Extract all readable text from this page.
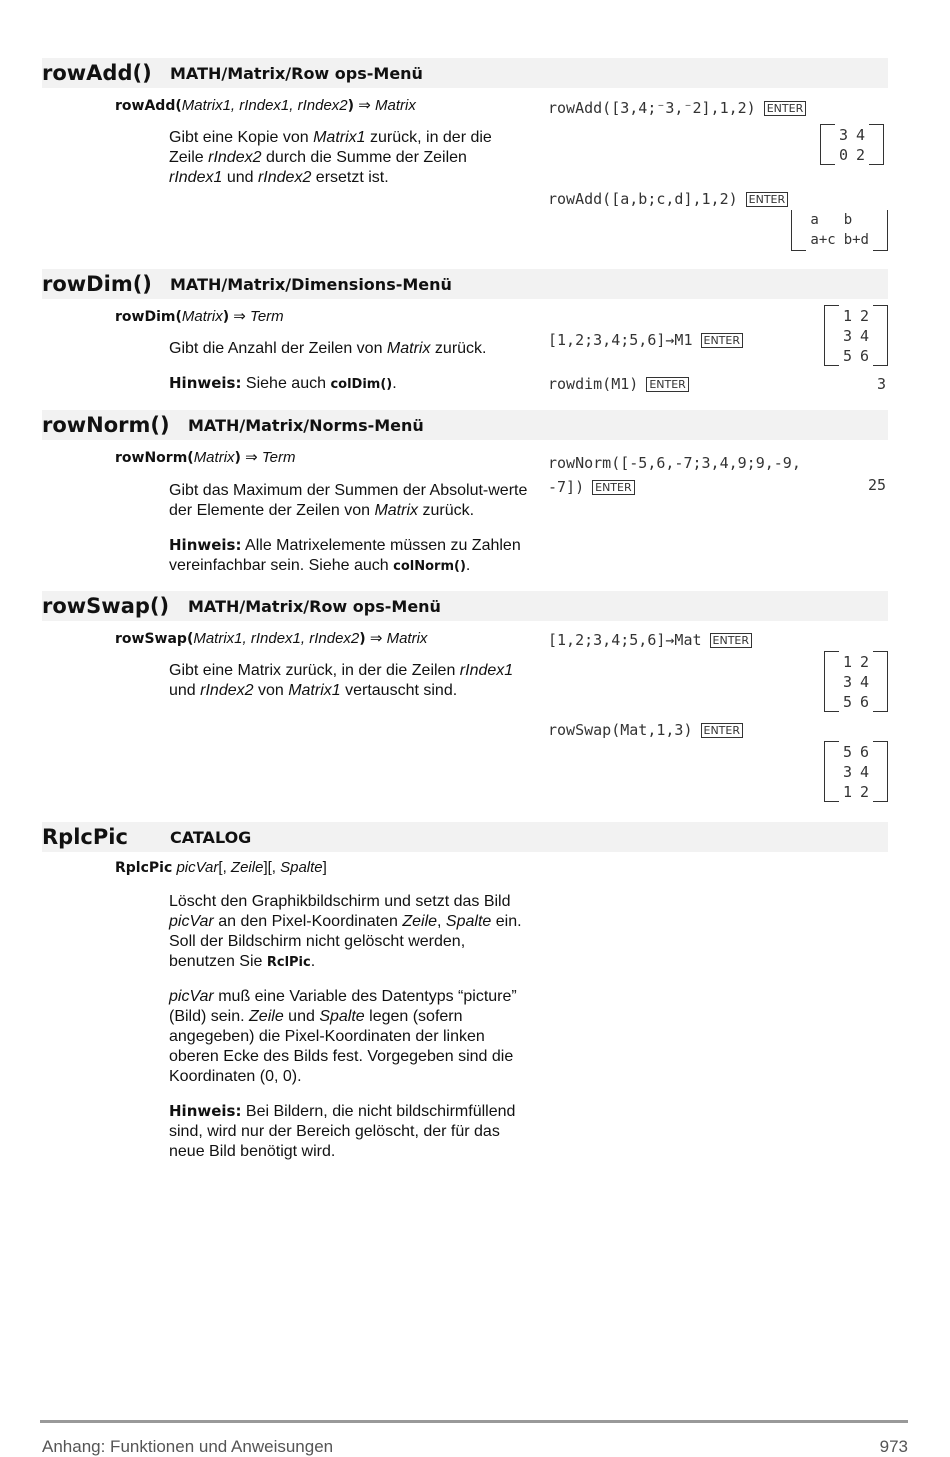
rowAdd() MATH/Matrix/Row ops-Menü
rowAdd(Matrix1, rIndex1, rIndex2) ⇒ Matrix

Gibt eine Kopie von Matrix1 zurück, in der die Zeile rIndex2 durch die Summe der Zeilen rIndex1 und rIndex2 ersetzt ist.

rowAdd([3,4;⁻3,⁻2],1,2) ENTER
	3	4	
	0	2	
rowAdd([a,b;c,d],1,2) ENTER
	a	b	
	a+c	b+d	
rowDim() MATH/Matrix/Dimensions-Menü
rowDim(Matrix) ⇒ Term

Gibt die Anzahl der Zeilen von Matrix zurück.

Hinweis: Siehe auch colDim().

	1	2	
	3	4	
	5	6	
[1,2;3,4;5,6]→M1 ENTER
rowdim(M1) ENTER	3
rowNorm() MATH/Matrix/Norms-Menü
rowNorm(Matrix) ⇒ Term

Gibt das Maximum der Summen der Absolut-werte der Elemente der Zeilen von Matrix zurück.

Hinweis: Alle Matrixelemente müssen zu Zahlen vereinfachbar sein. Siehe auch colNorm().

rowNorm([-5,6,-7;3,4,9;9,-9,
-7]) ENTER	25
rowSwap() MATH/Matrix/Row ops-Menü
rowSwap(Matrix1, rIndex1, rIndex2) ⇒ Matrix

Gibt eine Matrix zurück, in der die Zeilen rIndex1 und rIndex2 von Matrix1 vertauscht sind.

[1,2;3,4;5,6]→Mat ENTER
	1	2	
	3	4	
	5	6	
rowSwap(Mat,1,3) ENTER
	5	6	
	3	4	
	1	2	
RplcPic	CATALOG
RplcPic picVar[, Zeile][, Spalte]

Löscht den Graphikbildschirm und setzt das Bild picVar an den Pixel-Koordinaten Zeile, Spalte ein. Soll der Bildschirm nicht gelöscht werden, benutzen Sie RclPic.

picVar muß eine Variable des Datentyps “picture” (Bild) sein. Zeile und Spalte legen (sofern angegeben) die Pixel-Koordinaten der linken oberen Ecke des Bilds fest. Vorgegeben sind die Koordinaten (0, 0).

Hinweis: Bei Bildern, die nicht bildschirmfüllend sind, wird nur der Bereich gelöscht, der für das neue Bild benötigt wird.

Anhang: Funktionen und Anweisungen	973
